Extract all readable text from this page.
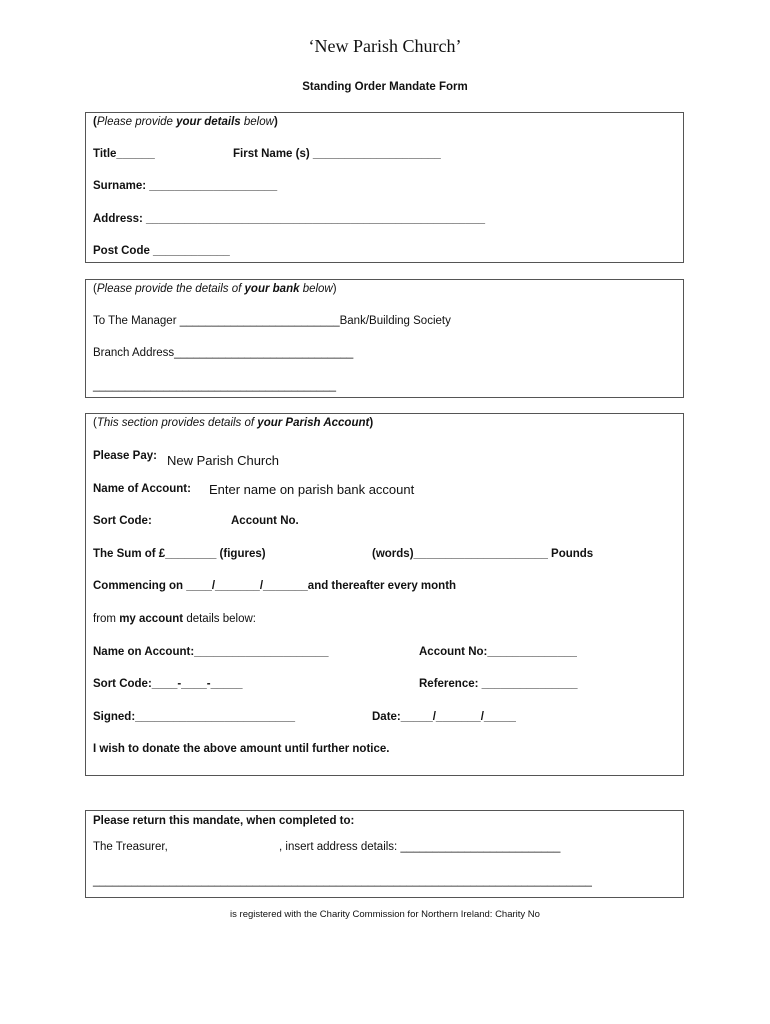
‘New Parish Church’
Standing Order Mandate Form
(Please provide your details below)
Title______	First Name (s) ____________________
Surname: ____________________
Address: _____________________________________________________
Post Code ____________
(Please provide the details of your bank below)
To The Manager _________________________Bank/Building Society
Branch Address____________________________
______________________________________
(This section provides details of your Parish Account)
Please Pay: New Parish Church
Name of Account: Enter name on parish bank account
Sort Code:	Account No.
The Sum of £________ (figures)	(words)_____________________ Pounds
Commencing on ____/_______/_______and thereafter every month
from my account details below:
Name on Account:_____________________	Account No:______________
Sort Code:____-____-_____	Reference: _______________
Signed:_________________________	Date:_____/_______/_____
I wish to donate the above amount until further notice.
Please return this mandate, when completed to:
The Treasurer,	, insert address details: _________________________
______________________________________________________________________________
is registered with the Charity Commission for Northern Ireland: Charity No
